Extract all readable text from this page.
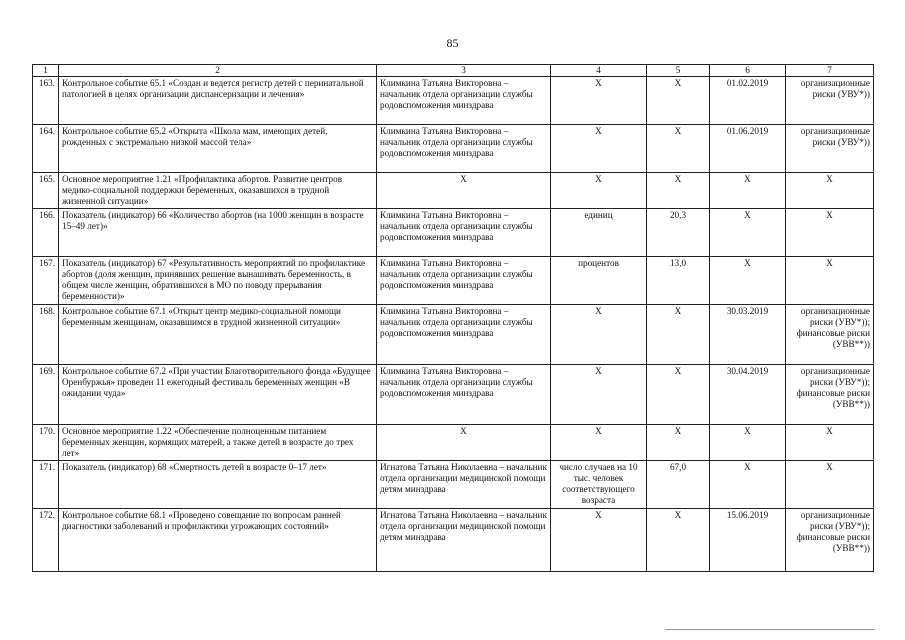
85
1	2	3	4	5	6	7
163.	Контрольное событие 65.1 «Создан и ведется регистр детей с перинатальной патологией в целях организации диспансеризации и лечения»	Климкина Татьяна Викторовна – начальник отдела организации службы родовспоможения минздрава	X	X	01.02.2019	организационные риски (УВУ*))
164.	Контрольное событие 65.2 «Открыта «Школа мам, имеющих детей, рожденных с экстремально низкой массой тела»	Климкина Татьяна Викторовна – начальник отдела организации службы родовспоможения минздрава	X	X	01.06.2019	организационные риски (УВУ*))
165.	Основное мероприятие 1.21 «Профилактика абортов. Развитие центров медико-социальной поддержки беременных, оказавшихся в трудной жизненной ситуации»	X	X	X	X	X
166.	Показатель (индикатор) 66 «Количество абортов (на 1000 женщин в возрасте 15–49 лет)»	Климкина Татьяна Викторовна – начальник отдела организации службы родовспоможения минздрава	единиц	20,3	X	X
167.	Показатель (индикатор) 67 «Результативность мероприятий по профилактике абортов (доля женщин, принявших решение вынашивать беременность, в общем числе женщин, обратившихся в МО по поводу прерывания беременности)»	Климкина Татьяна Викторовна – начальник отдела организации службы родовспоможения минздрава	процентов	13,0	X	X
168.	Контрольное событие 67.1 «Открыт центр медико-социальной помощи беременным женщинам, оказавшимся в трудной жизненной ситуации»	Климкина Татьяна Викторовна – начальник отдела организации службы родовспоможения минздрава	X	X	30.03.2019	организационные риски (УВУ*)); финансовые риски (УВВ**))
169.	Контрольное событие 67.2 «При участии Благотворительного фонда «Будущее Оренбуржья» проведен 11 ежегодный фестиваль беременных женщин «В ожидании чуда»	Климкина Татьяна Викторовна – начальник отдела организации службы родовспоможения минздрава	X	X	30.04.2019	организационные риски (УВУ*)); финансовые риски (УВВ**))
170.	Основное мероприятие 1.22 «Обеспечение полноценным питанием беременных женщин, кормящих матерей, а также детей в возрасте до трех лет»	X	X	X	X	X
171.	Показатель (индикатор) 68 «Смертность детей в возрасте 0–17 лет»	Игнатова Татьяна Николаевна – начальник отдела организации медицинской помощи детям минздрава	число случаев на 10 тыс. человек соответствующего возраста	67,0	X	X
172.	Контрольное событие 68.1 «Проведено совещание по вопросам ранней диагностики заболеваний и профилактики угрожающих состояний»	Игнатова Татьяна Николаевна – начальник отдела организации медицинской помощи детям минздрава	X	X	15.06.2019	организационные риски (УВУ*)); финансовые риски (УВВ**))
